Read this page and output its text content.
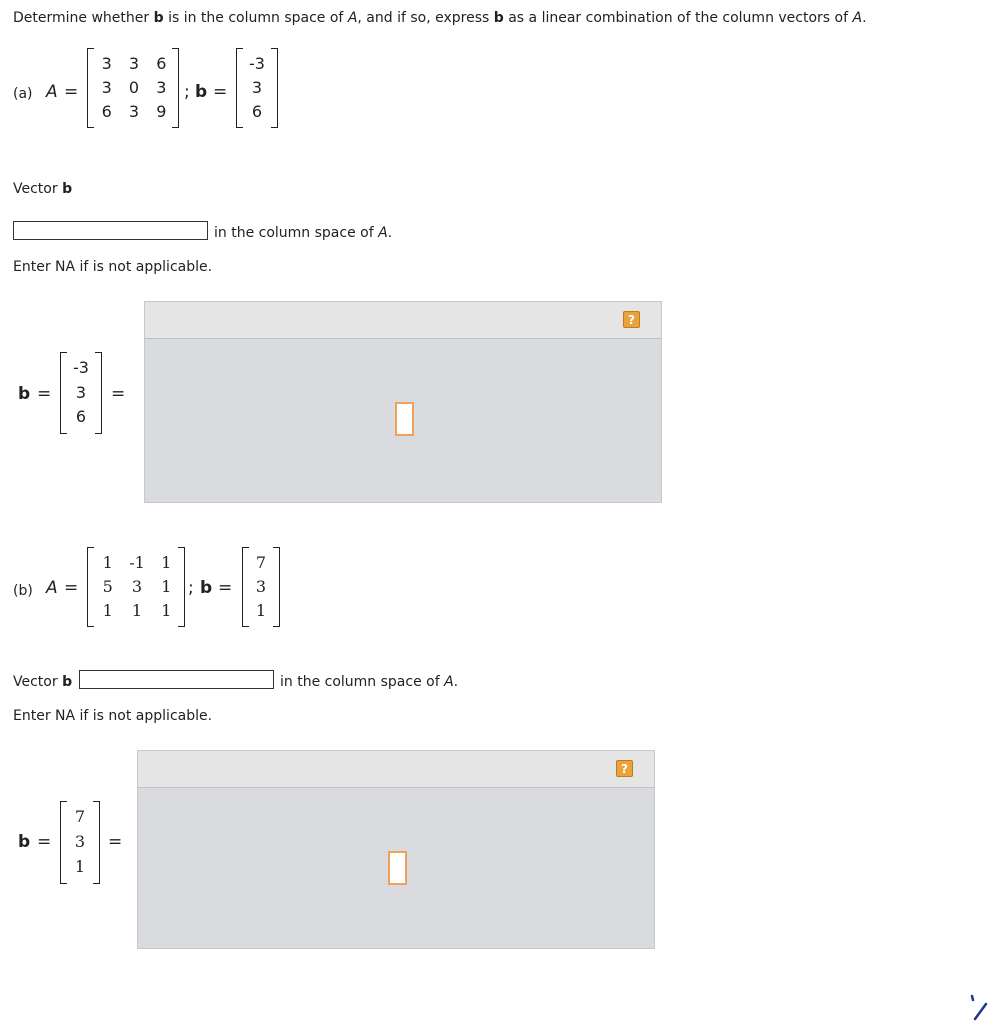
Determine whether b is in the column space of A, and if so, express b as a linear combination of the column vectors of A.
(a) A =
3	3	6
3	0	3
6	3	9
; b =
-3
3
6
Vector b
in the column space of A.
Enter NA if is not applicable.
b =
-3
3
6
=
?
(b) A =
1	-1	1
5	3	1
1	1	1
; b =
7
3
1
Vector b	in the column space of A.
Enter NA if is not applicable.
b =
7
3
1
=
?
